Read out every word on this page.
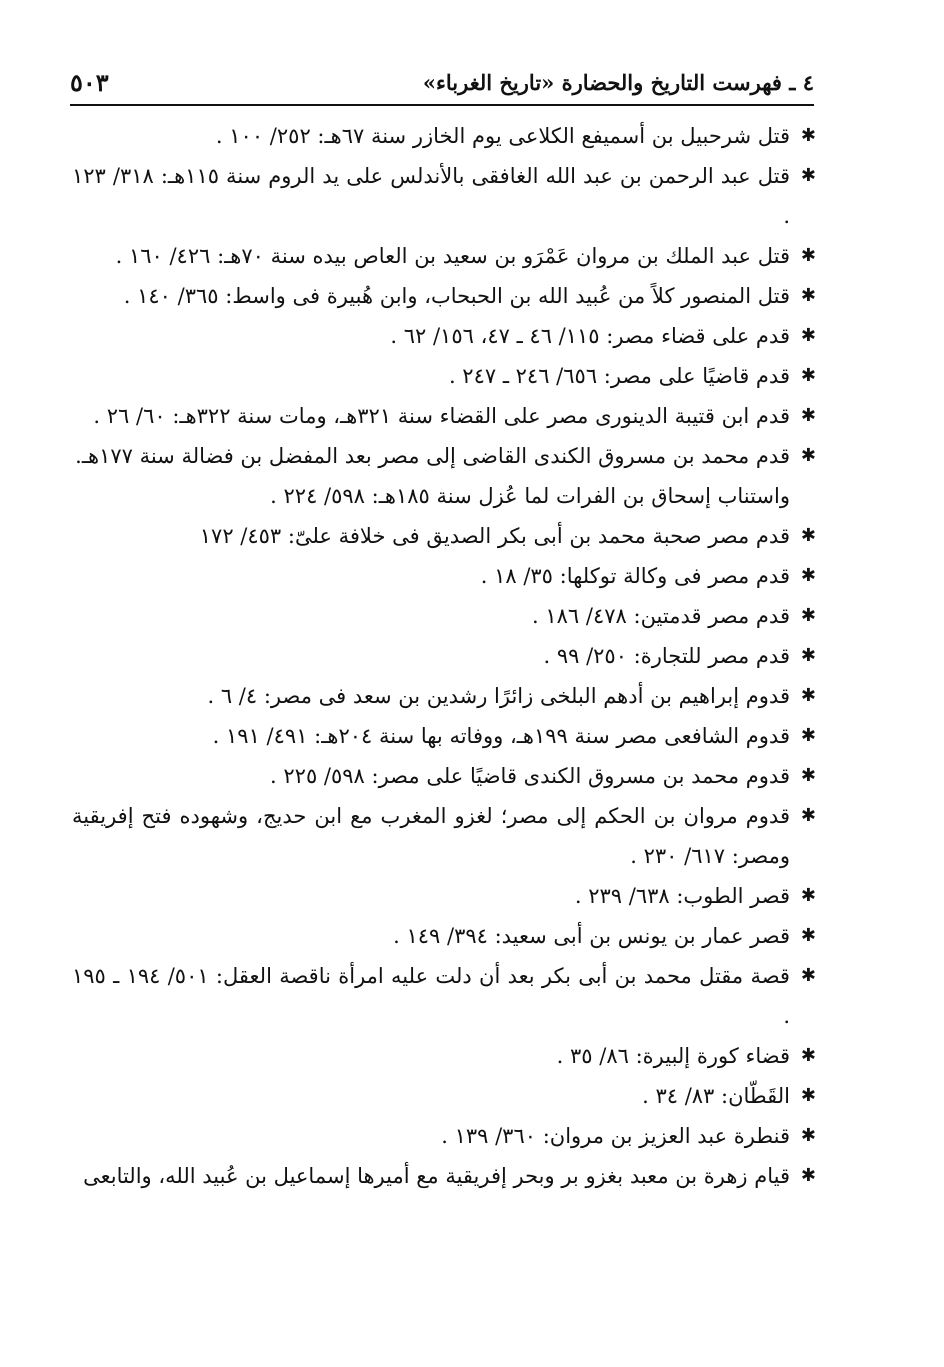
٤ ـ فهرست التاريخ والحضارة «تاريخ الغرباء»
٥٠٣
✱
قتل شرحبيل بن أسميفع الكلاعى يوم الخازر سنة ٦٧هـ: ٢٥٢/ ١٠٠ .
✱
قتل عبد الرحمن بن عبد الله الغافقى بالأندلس على يد الروم سنة ١١٥هـ: ٣١٨/ ١٢٣ .
✱
قتل عبد الملك بن مروان عَمْرَو بن سعيد بن العاص بيده سنة ٧٠هـ: ٤٢٦/ ١٦٠ .
✱
قتل المنصور كلاً من عُبيد الله بن الحبحاب، وابن هُبيرة فى واسط: ٣٦٥/ ١٤٠ .
✱
قدم على قضاء مصر: ١١٥/ ٤٦ ـ ٤٧، ١٥٦/ ٦٢ .
✱
قدم قاضيًا على مصر: ٦٥٦/ ٢٤٦ ـ ٢٤٧ .
✱
قدم ابن قتيبة الدينورى مصر على القضاء سنة ٣٢١هـ، ومات سنة ٣٢٢هـ: ٦٠/ ٢٦ .
✱
قدم محمد بن مسروق الكندى القاضى إلى مصر بعد المفضل بن فضالة سنة ١٧٧هـ.
واستناب إسحاق بن الفرات لما عُزل سنة ١٨٥هـ: ٥٩٨/ ٢٢٤ .
✱
قدم مصر صحبة محمد بن أبى بكر الصديق فى خلافة علىّ: ٤٥٣/ ١٧٢
✱
قدم مصر فى وكالة توكلها: ٣٥/ ١٨ .
✱
قدم مصر قدمتين: ٤٧٨/ ١٨٦ .
✱
قدم مصر للتجارة: ٢٥٠/ ٩٩ .
✱
قدوم إبراهيم بن أدهم البلخى زائرًا رشدين بن سعد فى مصر: ٤/ ٦ .
✱
قدوم الشافعى مصر سنة ١٩٩هـ، ووفاته بها سنة ٢٠٤هـ: ٤٩١/ ١٩١ .
✱
قدوم محمد بن مسروق الكندى قاضيًا على مصر: ٥٩٨/ ٢٢٥ .
✱
قدوم مروان بن الحكم إلى مصر؛ لغزو المغرب مع ابن حديج، وشهوده فتح إفريقية ومصر: ٦١٧/ ٢٣٠ .
✱
قصر الطوب: ٦٣٨/ ٢٣٩ .
✱
قصر عمار بن يونس بن أبى سعيد: ٣٩٤/ ١٤٩ .
✱
قصة مقتل محمد بن أبى بكر بعد أن دلت عليه امرأة ناقصة العقل: ٥٠١/ ١٩٤ ـ ١٩٥ .
✱
قضاء كورة إلبيرة: ٨٦/ ٣٥ .
✱
القَطّان: ٨٣/ ٣٤ .
✱
قنطرة عبد العزيز بن مروان: ٣٦٠/ ١٣٩ .
✱
قيام زهرة بن معبد بغزو بر وبحر إفريقية مع أميرها إسماعيل بن عُبيد الله، والتابعى
